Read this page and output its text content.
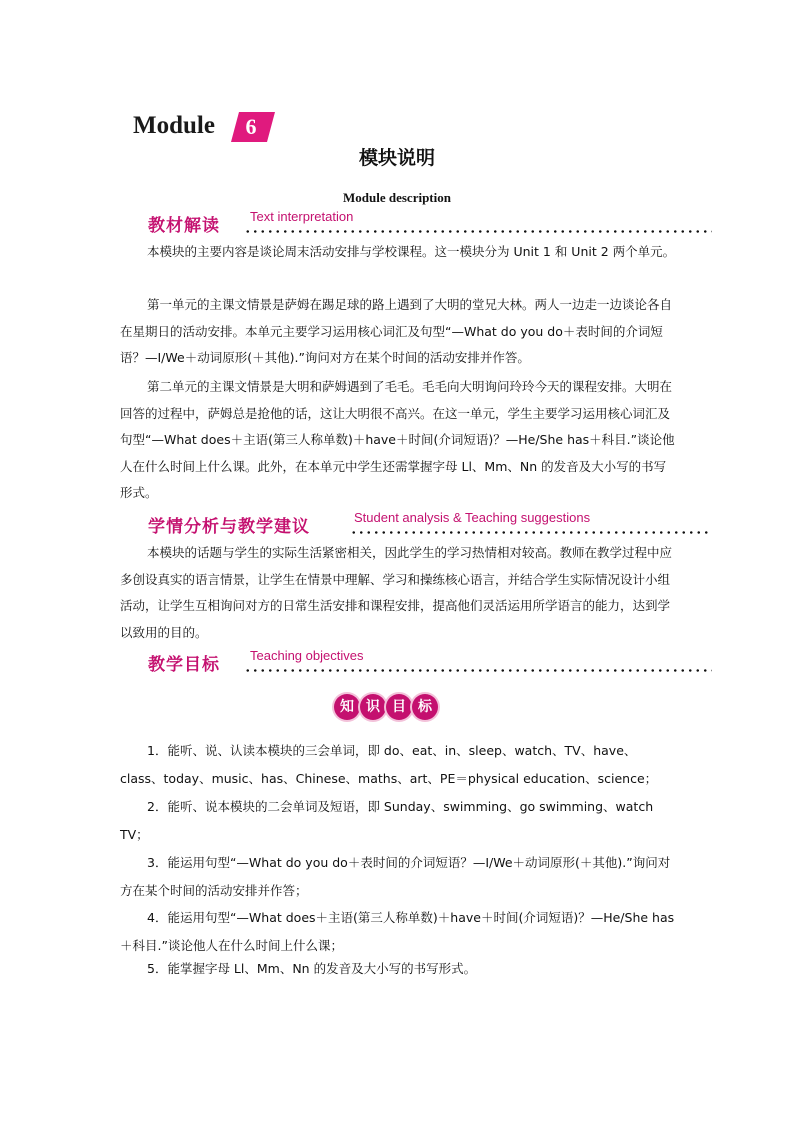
Module	6
模块说明
Module description
教材解读 Text interpretation
本模块的主要内容是谈论周末活动安排与学校课程。这一模块分为 Unit 1 和 Unit 2 两个单元。
第一单元的主课文情景是萨姆在踢足球的路上遇到了大明的堂兄大林。两人一边走一边谈论各自在星期日的活动安排。本单元主要学习运用核心词汇及句型“—What do you do＋表时间的介词短语？—I/We＋动词原形(＋其他).”询问对方在某个时间的活动安排并作答。
第二单元的主课文情景是大明和萨姆遇到了毛毛。毛毛向大明询问玲玲今天的课程安排。大明在回答的过程中，萨姆总是抢他的话，这让大明很不高兴。在这一单元，学生主要学习运用核心词汇及句型“—What does＋主语(第三人称单数)＋have＋时间(介词短语)？—He/She has＋科目.”谈论他人在什么时间上什么课。此外，在本单元中学生还需掌握字母 Ll、Mm、Nn 的发音及大小写的书写形式。
学情分析与教学建议	Student analysis & Teaching suggestions
本模块的话题与学生的实际生活紧密相关，因此学生的学习热情相对较高。教师在教学过程中应多创设真实的语言情景，让学生在情景中理解、学习和操练核心语言，并结合学生实际情况设计小组活动，让学生互相询问对方的日常生活安排和课程安排，提高他们灵活运用所学语言的能力，达到学以致用的目的。
教学目标 Teaching objectives
知 识 目 标
1．能听、说、认读本模块的三会单词，即 do、eat、in、sleep、watch、TV、have、class、today、music、has、Chinese、maths、art、PE＝physical education、science；
2．能听、说本模块的二会单词及短语，即 Sunday、swimming、go swimming、watch TV；
3．能运用句型“—What do you do＋表时间的介词短语？—I/We＋动词原形(＋其他).”询问对方在某个时间的活动安排并作答；
4．能运用句型“—What does＋主语(第三人称单数)＋have＋时间(介词短语)？—He/She has＋科目.”谈论他人在什么时间上什么课；
5．能掌握字母 Ll、Mm、Nn 的发音及大小写的书写形式。
